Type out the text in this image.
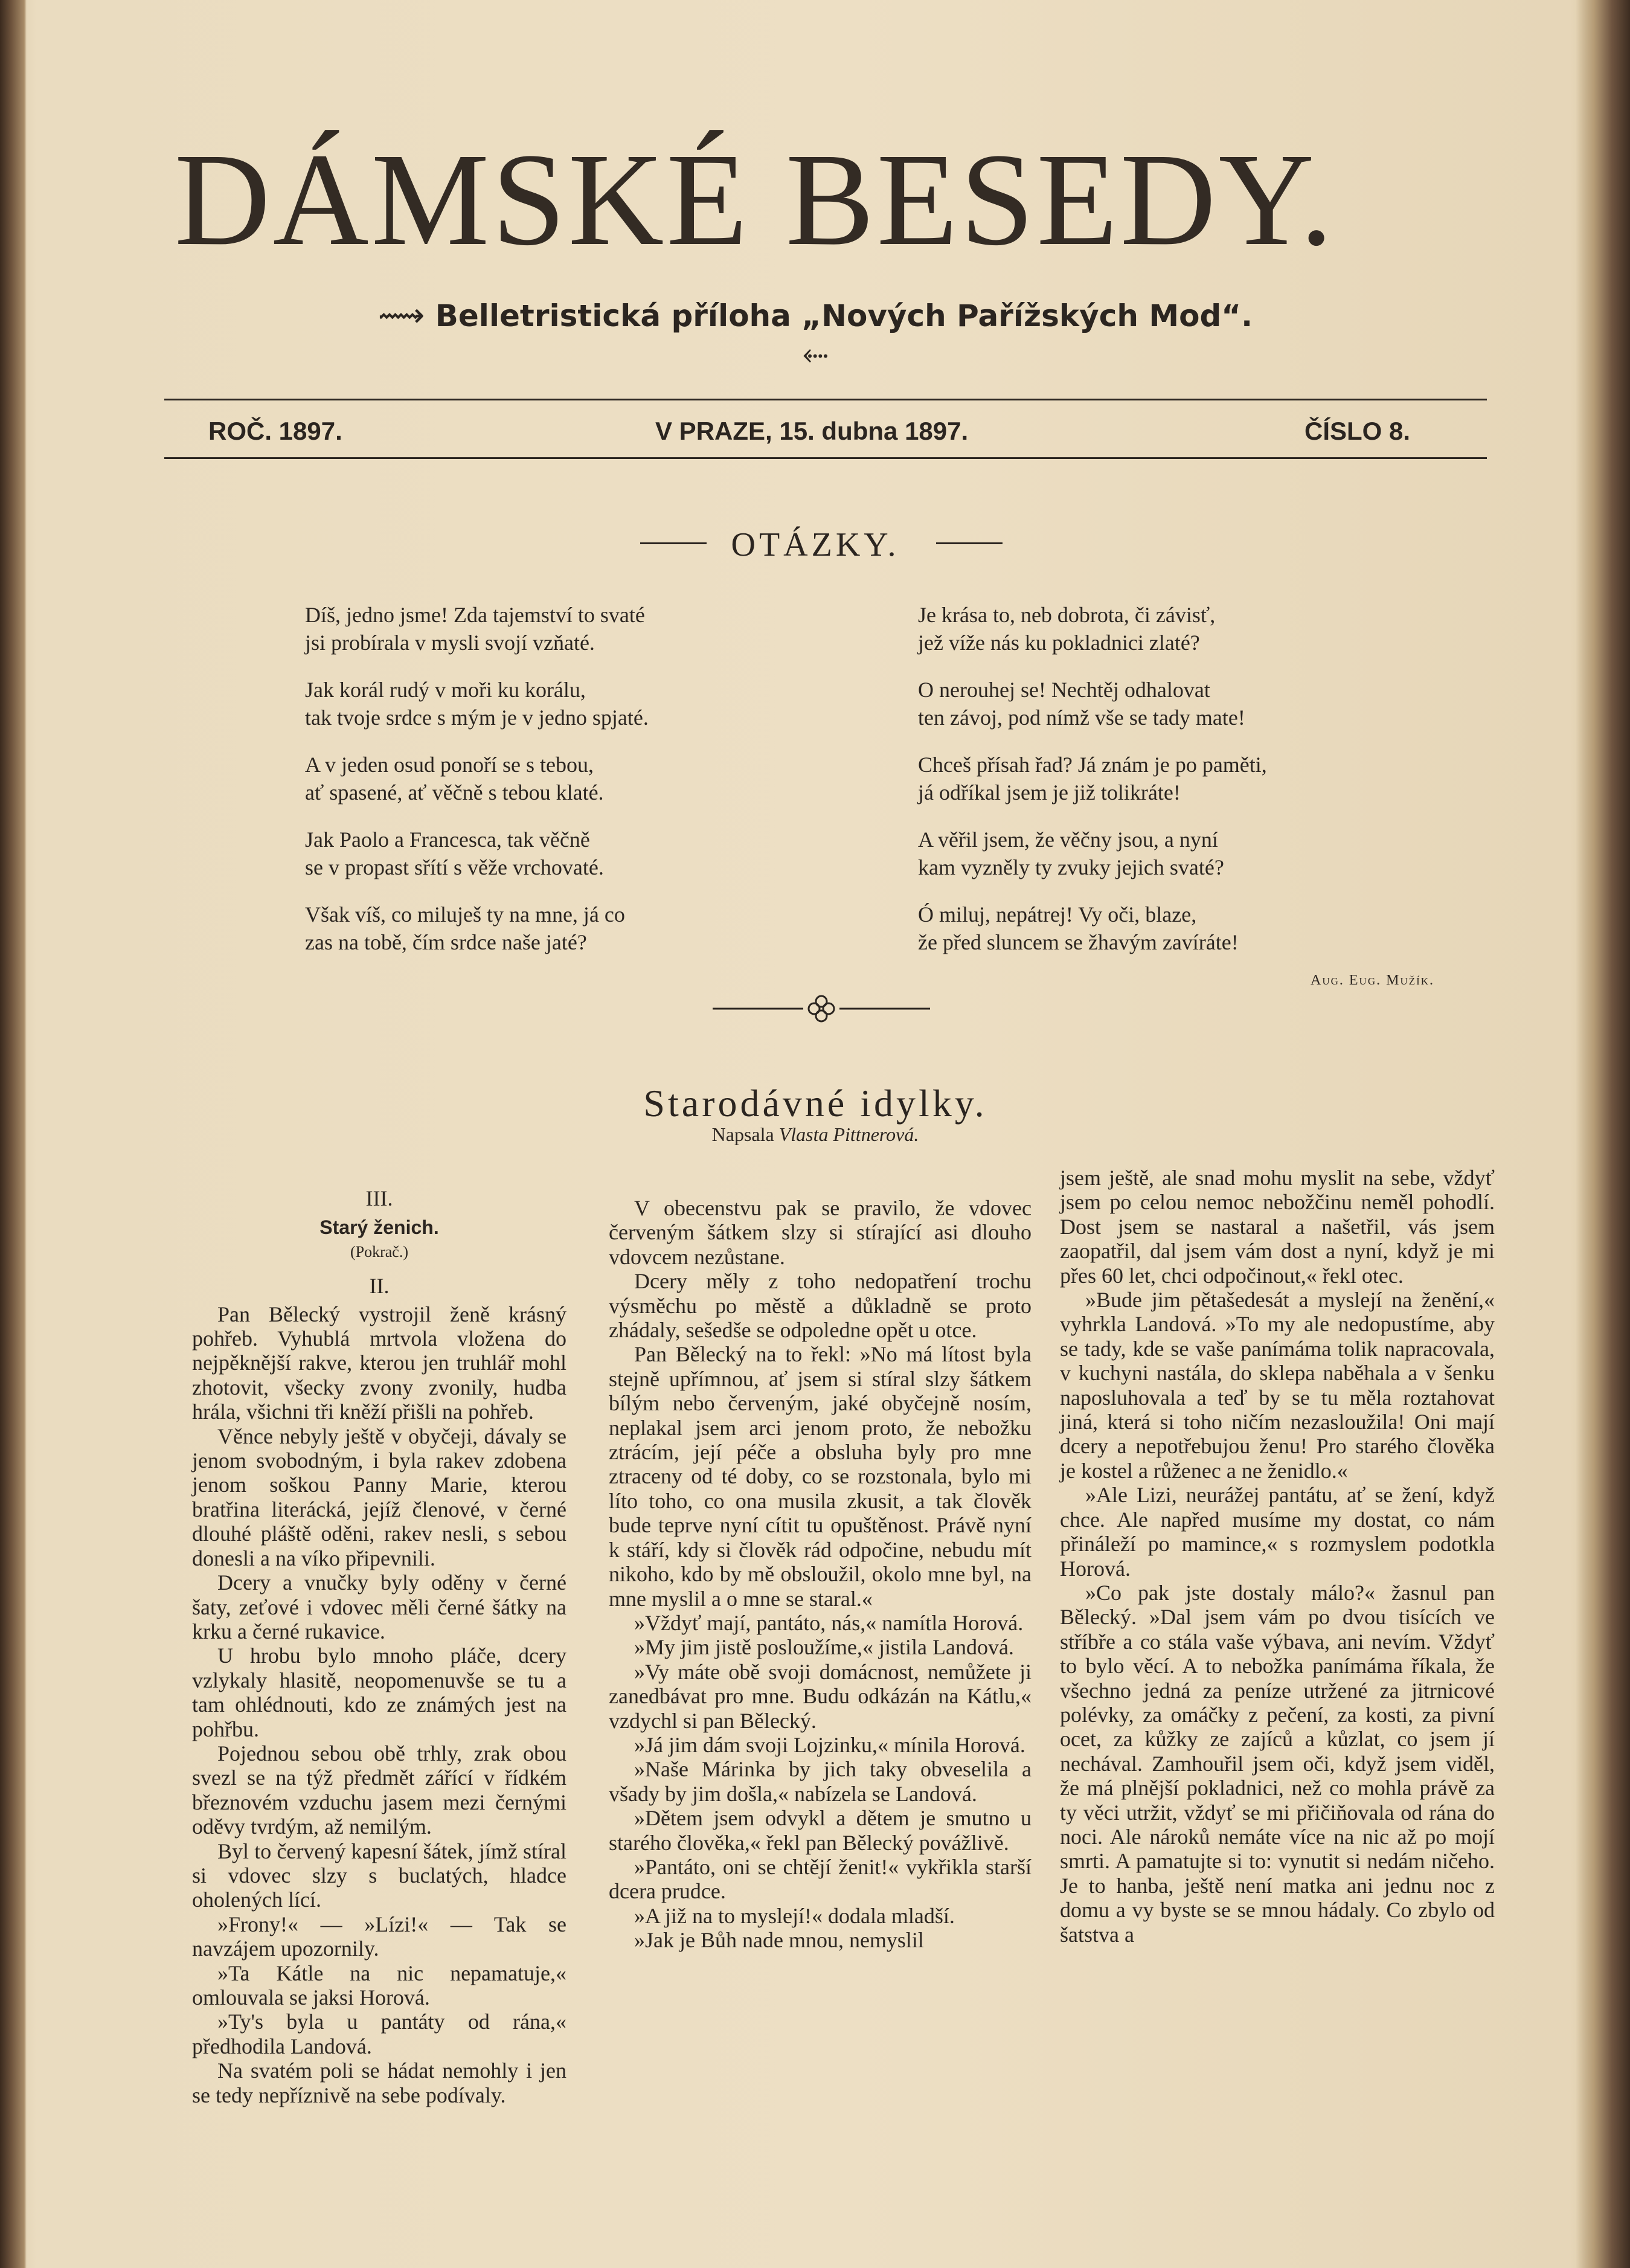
DÁMSKÉ BESEDY.
⟿ Belletristická příloha „Nových Pařížských Mod“. ⬸
ROČ. 1897.	V PRAZE, 15. dubna 1897.	ČÍSLO 8.
OTÁZKY.
Díš, jedno jsme! Zda tajemství to svaté
jsi probírala v mysli svojí vzňaté.
Jak korál rudý v moři ku korálu,
tak tvoje srdce s mým je v jedno spjaté.
A v jeden osud ponoří se s tebou,
ať spasené, ať věčně s tebou klaté.
Jak Paolo a Francesca, tak věčně
se v propast sřítí s věže vrchovaté.
Však víš, co miluješ ty na mne, já co
zas na tobě, čím srdce naše jaté?
Je krása to, neb dobrota, či závisť,
jež víže nás ku pokladnici zlaté?
O nerouhej se! Nechtěj odhalovat
ten závoj, pod nímž vše se tady mate!
Chceš přísah řad? Já znám je po paměti,
já odříkal jsem je již tolikráte!
A věřil jsem, že věčny jsou, a nyní
kam vyzněly ty zvuky jejich svaté?
Ó miluj, nepátrej! Vy oči, blaze,
že před sluncem se žhavým zavíráte!
Aug. Eug. Mužík.
Starodávné idylky.
Napsala Vlasta Pittnerová.
III.
Starý ženich.
(Pokrač.)
II.

Pan Bělecký vystrojil ženě krásný pohřeb. Vyhublá mrtvola vložena do nejpěknější rakve, kterou jen truhlář mohl zhotovit, všecky zvony zvonily, hudba hrála, všichni tři kněží přišli na pohřeb.

Věnce nebyly ještě v obyčeji, dávaly se jenom svobodným, i byla rakev zdobena jenom soškou Panny Marie, kterou bratřina literácká, jejíž členové, v černé dlouhé pláště oděni, rakev nesli, s sebou donesli a na víko připevnili.

Dcery a vnučky byly oděny v černé šaty, zeťové i vdovec měli černé šátky na krku a černé rukavice.

U hrobu bylo mnoho pláče, dcery vzlykaly hlasitě, neopomenuvše se tu a tam ohlédnouti, kdo ze známých jest na pohřbu.

Pojednou sebou obě trhly, zrak obou svezl se na týž předmět zářící v řídkém březnovém vzduchu jasem mezi černými oděvy tvrdým, až nemilým.

Byl to červený kapesní šátek, jímž stíral si vdovec slzy s buclatých, hladce oholených lící.

»Frony!« — »Lízi!« — Tak se navzájem upozornily.

»Ta Kátle na nic nepamatuje,« omlouvala se jaksi Horová.

»Ty's byla u pantáty od rána,« předhodila Landová.

Na svatém poli se hádat nemohly i jen se tedy nepříznivě na sebe podívaly.

V obecenstvu pak se pravilo, že vdovec červeným šátkem slzy si stírající asi dlouho vdovcem nezůstane.

Dcery měly z toho nedopatření trochu výsměchu po městě a důkladně se proto zhádaly, sešedše se odpoledne opět u otce.

Pan Bělecký na to řekl: »No má lítost byla stejně upřímnou, ať jsem si stíral slzy šátkem bílým nebo červeným, jaké obyčejně nosím, neplakal jsem arci jenom proto, že nebožku ztrácím, její péče a obsluha byly pro mne ztraceny od té doby, co se rozstonala, bylo mi líto toho, co ona musila zkusit, a tak člověk bude teprve nyní cítit tu opuštěnost. Právě nyní k stáří, kdy si člověk rád odpočine, nebudu mít nikoho, kdo by mě obsloužil, okolo mne byl, na mne myslil a o mne se staral.«

»Vždyť mají, pantáto, nás,« namítla Horová.

»My jim jistě posloužíme,« jistila Landová.

»Vy máte obě svoji domácnost, nemůžete ji zanedbávat pro mne. Budu odkázán na Kátlu,« vzdychl si pan Bělecký.

»Já jim dám svoji Lojzinku,« mínila Horová.

»Naše Márinka by jich taky obveselila a všady by jim došla,« nabízela se Landová.

»Dětem jsem odvykl a dětem je smutno u starého člověka,« řekl pan Bělecký povážlivě.

»Pantáto, oni se chtějí ženit!« vykřikla starší dcera prudce.

»A již na to myslejí!« dodala mladší.

»Jak je Bůh nade mnou, nemyslil

jsem ještě, ale snad mohu myslit na sebe, vždyť jsem po celou nemoc nebožčinu neměl pohodlí. Dost jsem se nastaral a našetřil, vás jsem zaopatřil, dal jsem vám dost a nyní, když je mi přes 60 let, chci odpočinout,« řekl otec.

»Bude jim pětašedesát a myslejí na ženění,« vyhrkla Landová. »To my ale nedopustíme, aby se tady, kde se vaše panímáma tolik napracovala, v kuchyni nastála, do sklepa naběhala a v šenku naposluhovala a teď by se tu měla roztahovat jiná, která si toho ničím nezasloužila! Oni mají dcery a nepotřebujou ženu! Pro starého člověka je kostel a růženec a ne ženidlo.«

»Ale Lizi, neurážej pantátu, ať se žení, když chce. Ale napřed musíme my dostat, co nám přináleží po mamince,« s rozmyslem podotkla Horová.

»Co pak jste dostaly málo?« žasnul pan Bělecký. »Dal jsem vám po dvou tisících ve stříbře a co stála vaše výbava, ani nevím. Vždyť to bylo věcí. A to nebožka panímáma říkala, že všechno jedná za peníze utržené za jitrnicové polévky, za omáčky z pečení, za kosti, za pivní ocet, za kůžky ze zajíců a kůzlat, co jsem jí nechával. Zamhouřil jsem oči, když jsem viděl, že má plnější pokladnici, než co mohla právě za ty věci utržit, vždyť se mi přičiňovala od rána do noci. Ale nároků nemáte více na nic až po mojí smrti. A pamatujte si to: vynutit si nedám ničeho. Je to hanba, ještě není matka ani jednu noc z domu a vy byste se se mnou hádaly. Co zbylo od šatstva a
